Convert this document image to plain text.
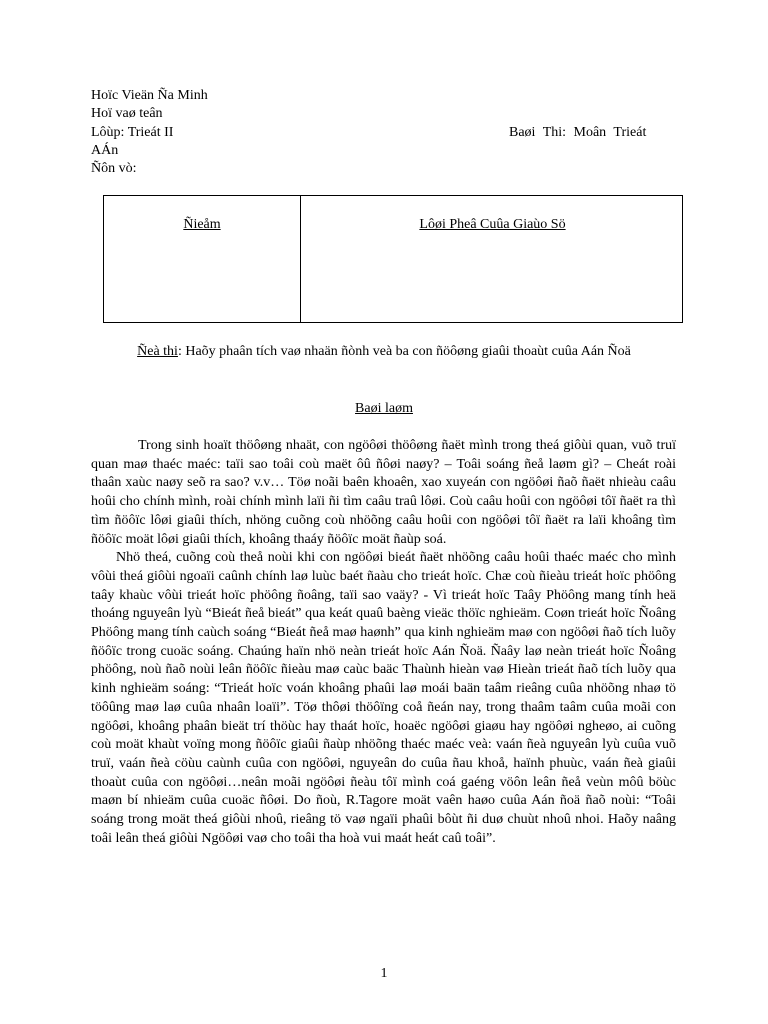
Hoïc Vieän Ña Minh
Hoï vaø teân
Lôùp: Trieát II	Baøi Thi: Moân Trieát
AÁn
Ñôn vò:
Ñieåm	Lôøi Pheâ Cuûa Giaùo Sö
Ñeà thi: Haõy phaân tích vaø nhaän ñònh veà ba con ñöôøng giaûi thoaùt cuûa Aán Ñoä
Baøi laøm

Trong sinh hoaït thöôøng nhaät, con ngöôøi thöôøng ñaët mình trong theá giôùi quan, vuõ truï quan maø thaéc maéc: taïi sao toâi coù maët ôû ñôøi naøy? – Toâi soáng ñeå laøm gì? – Cheát roài thaân xaùc naøy seõ ra sao? v.v… Töø noãi baên khoaên, xao xuyeán con ngöôøi ñaõ ñaët nhieàu caâu hoûi cho chính mình, roài chính mình laïi ñi tìm caâu traû lôøi. Coù caâu hoûi con ngöôøi tôï ñaët ra thì tìm ñöôïc lôøi giaûi thích, nhöng cuõng coù nhöõng caâu hoûi con ngöôøi tôï ñaët ra laïi khoâng tìm ñöôïc moät lôøi giaûi thích, khoâng thaáy ñöôïc moät ñaùp soá.

Nhö theá, cuõng coù theå noùi khi con ngöôøi bieát ñaët nhöõng caâu hoûi thaéc maéc cho mình vôùi theá giôùi ngoaïi caûnh chính laø luùc baét ñaàu cho trieát hoïc. Chæ coù ñieàu trieát hoïc phöông taây khaùc vôùi trieát hoïc phöông ñoâng, taïi sao vaäy? - Vì trieát hoïc Taây Phöông mang tính heä thoáng nguyeân lyù “Bieát ñeå bieát” qua keát quaû baèng vieäc thöïc nghieäm. Coøn trieát hoïc Ñoâng Phöông mang tính caùch soáng “Bieát ñeå maø haønh” qua kinh nghieäm maø con ngöôøi ñaõ tích luõy ñöôïc trong cuoäc soáng. Chaúng haïn nhö neàn trieát hoïc Aán Ñoä. Ñaây laø neàn trieát hoïc Ñoâng phöông, noù ñaõ noùi leân ñöôïc ñieàu maø caùc baäc Thaùnh hieàn vaø Hieàn trieát ñaõ tích luõy qua kinh nghieäm soáng: “Trieát hoïc voán khoâng phaûi laø moái baän taâm rieâng cuûa nhöõng nhaø tö töôûng maø laø cuûa nhaân loaïi”. Töø thôøi thöôïng coå ñeán nay, trong thaâm taâm cuûa moãi con ngöôøi, khoâng phaân bieät trí thöùc hay thaát hoïc, hoaëc ngöôøi giaøu hay ngöôøi ngheøo, ai cuõng coù moät khaùt voïng mong ñöôïc giaûi ñaùp nhöõng thaéc maéc veà: vaán ñeà nguyeân lyù cuûa vuõ truï, vaán ñeà cöùu caùnh cuûa con ngöôøi, nguyeân do cuûa ñau khoå, haïnh phuùc, vaán ñeà giaûi thoaùt cuûa con ngöôøi…neân moãi ngöôøi ñeàu tôï mình coá gaéng vöôn leân ñeå veùn môû böùc maøn bí nhieäm cuûa cuoäc ñôøi. Do ñoù, R.Tagore moät vaên haøo cuûa Aán ñoä ñaõ noùi: “Toâi soáng trong moät theá giôùi nhoû, rieâng tö vaø ngaïi phaûi bôùt ñi duø chuùt nhoû nhoi. Haõy naâng toâi leân theá giôùi Ngöôøi vaø cho toâi tha hoà vui maát heát caû toâi”.

1
